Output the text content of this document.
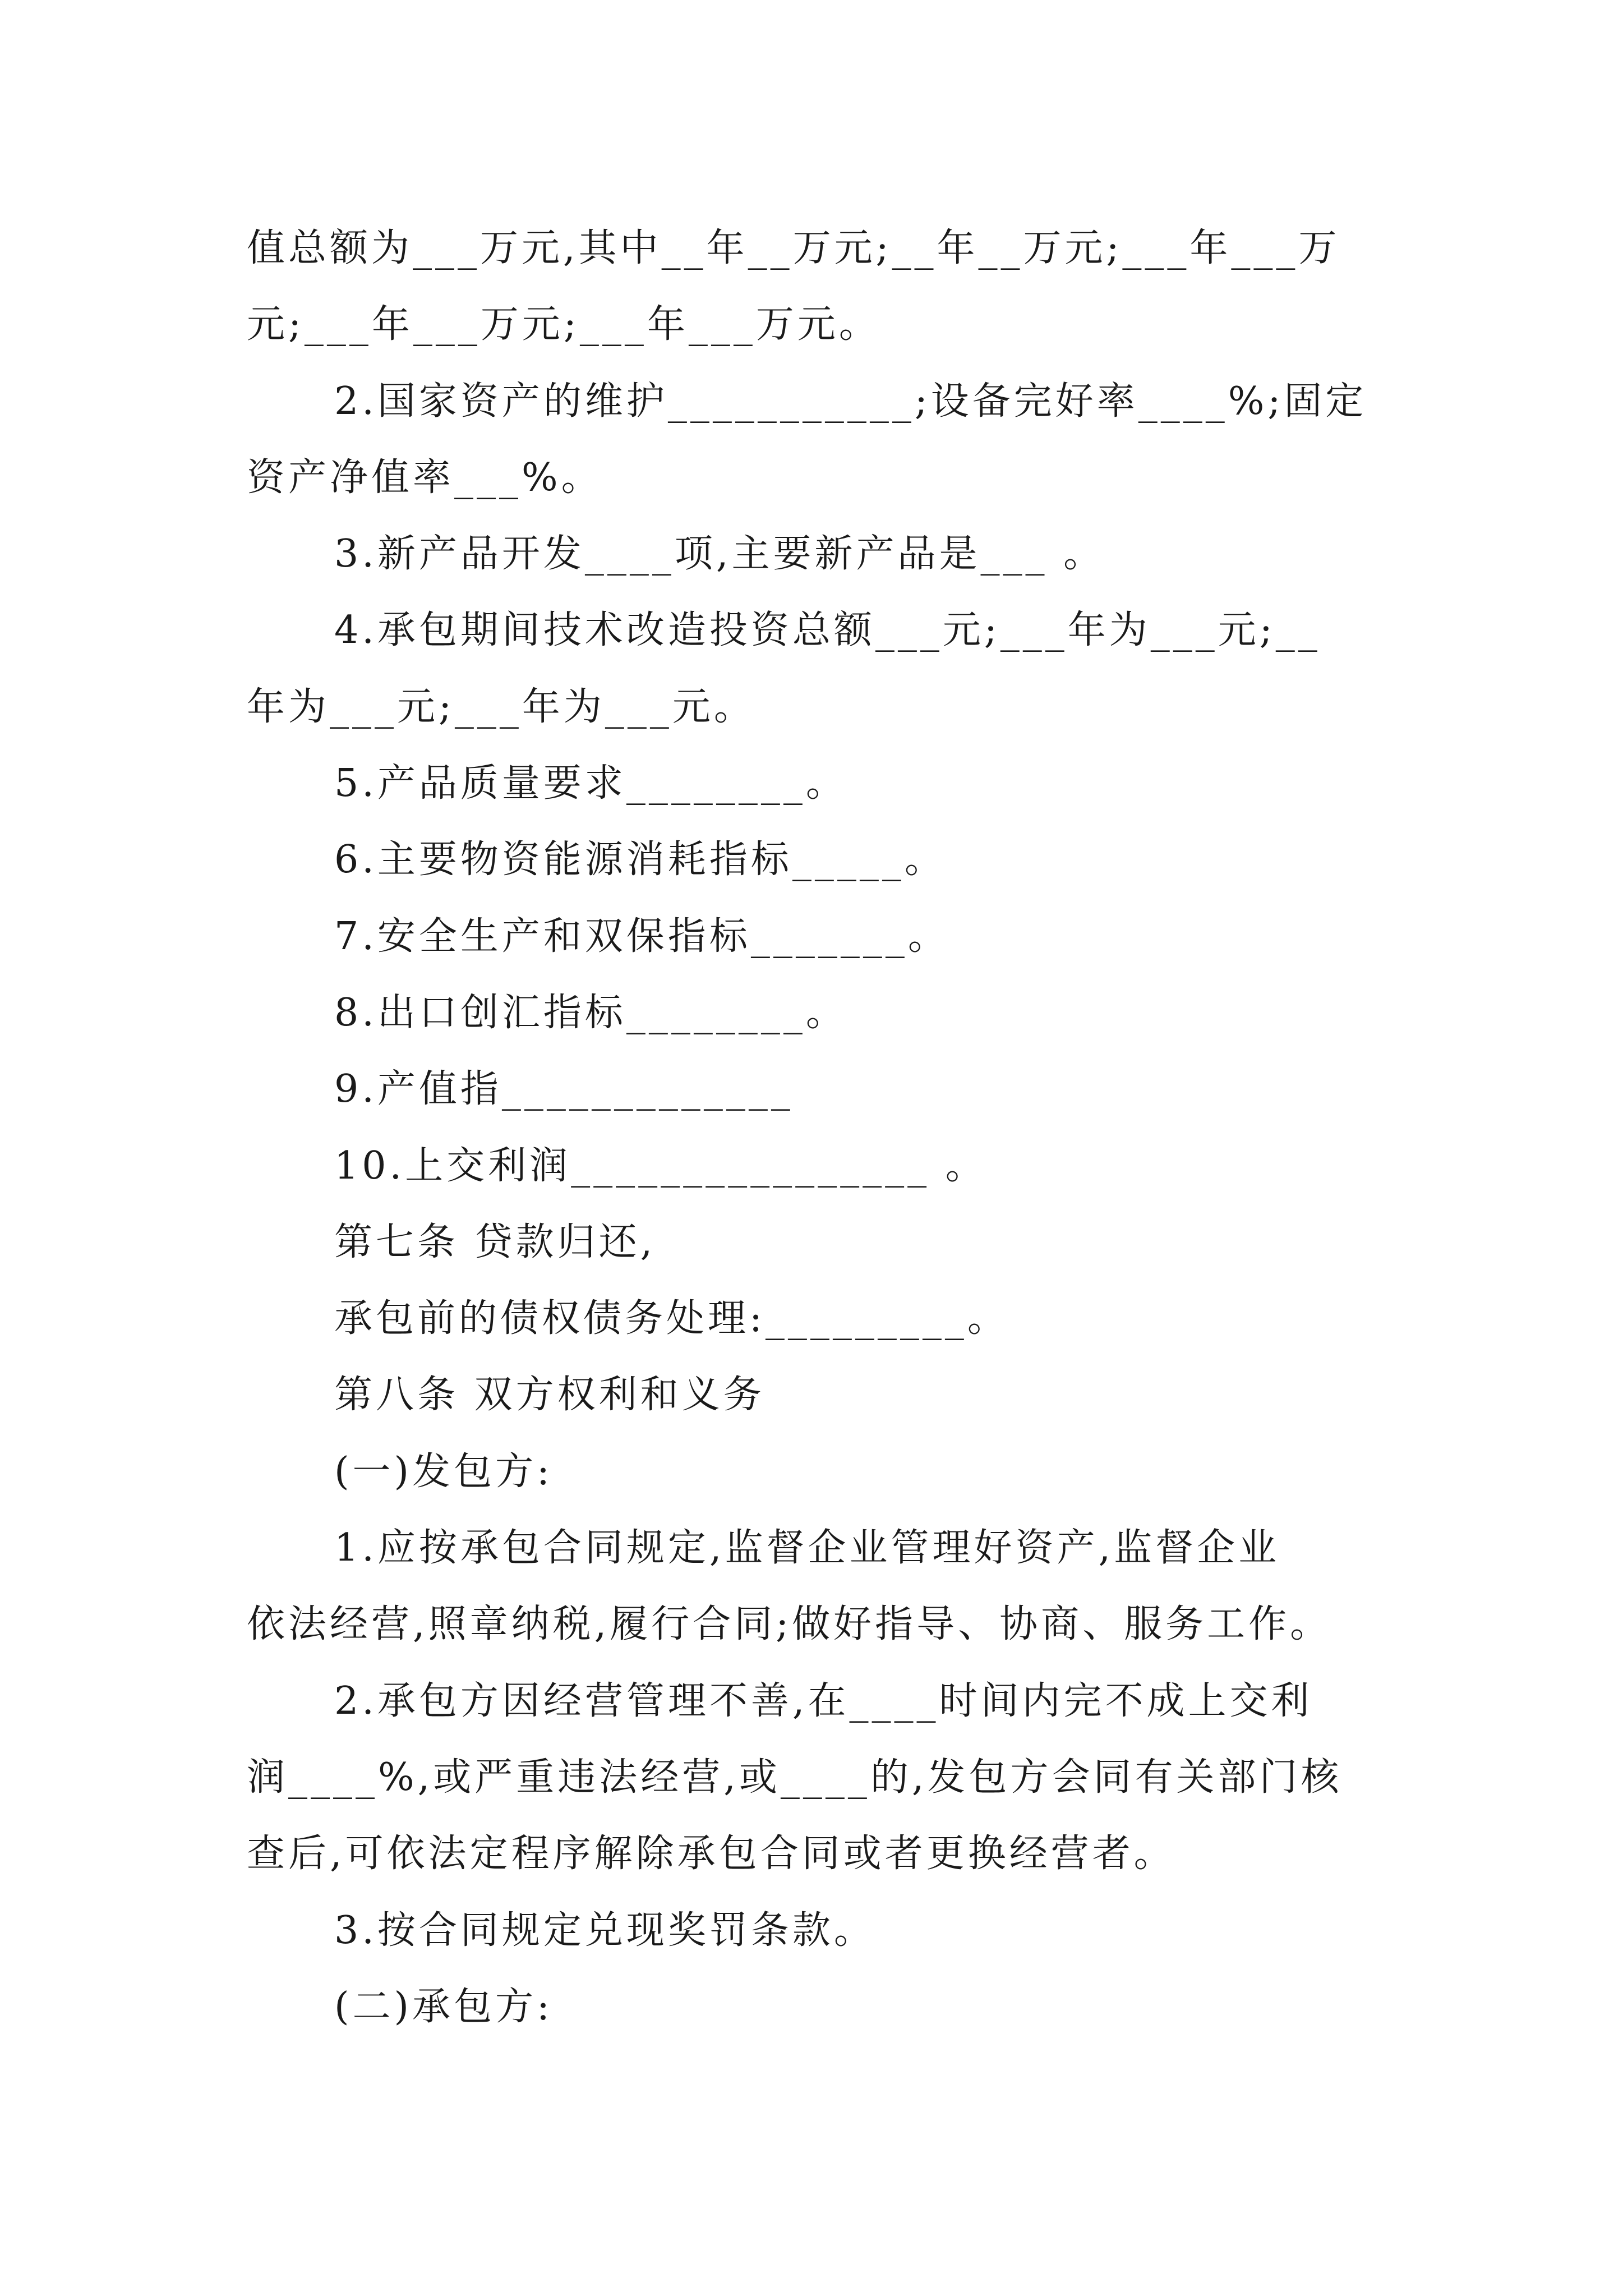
值总额为___万元,其中__年__万元;__年__万元;___年___万
元;___年___万元;___年___万元。
2.国家资产的维护___________;设备完好率____%;固定
资产净值率___%。
3.新产品开发____项,主要新产品是___ 。
4.承包期间技术改造投资总额___元;___年为___元;__
年为___元;___年为___元。
5.产品质量要求________。
6.主要物资能源消耗指标_____。
7.安全生产和双保指标_______。
8.出口创汇指标________。
9.产值指_____________
10.上交利润________________ 。
第七条 贷款归还,
承包前的债权债务处理:_________。
第八条 双方权利和义务
(一)发包方:
1.应按承包合同规定,监督企业管理好资产,监督企业
依法经营,照章纳税,履行合同;做好指导、协商、服务工作。
2.承包方因经营管理不善,在____时间内完不成上交利
润____%,或严重违法经营,或____的,发包方会同有关部门核
查后,可依法定程序解除承包合同或者更换经营者。
3.按合同规定兑现奖罚条款。
(二)承包方:
